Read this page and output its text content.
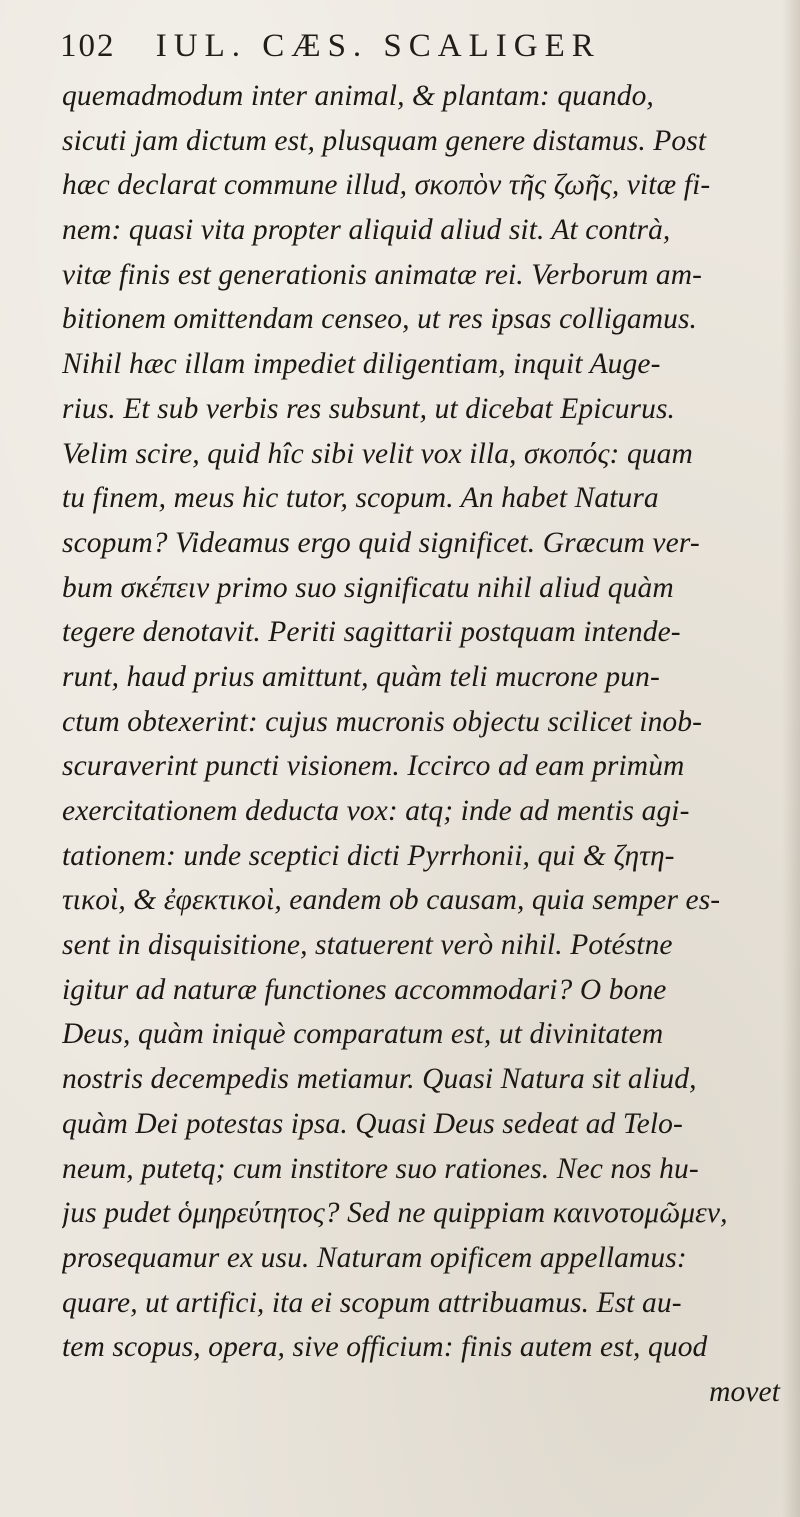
102 IUL. CÆS. SCALIGER
quemadmodum inter animal, & plantam: quando,
sicuti jam dictum est, plusquam genere distamus. Post
hæc declarat commune illud, σκοπὸν τῆς ζωῆς, vitæ fi-
nem: quasi vita propter aliquid aliud sit. At contrà,
vitæ finis est generationis animatæ rei. Verborum am-
bitionem omittendam censeo, ut res ipsas colligamus.
Nihil hæc illam impediet diligentiam, inquit Auge-
rius. Et sub verbis res subsunt, ut dicebat Epicurus.
Velim scire, quid hîc sibi velit vox illa, σκοπός: quam
tu finem, meus hic tutor, scopum. An habet Natura
scopum? Videamus ergo quid significet. Græcum ver-
bum σκέπειν primo suo significatu nihil aliud quàm
tegere denotavit. Periti sagittarii postquam intende-
runt, haud prius amittunt, quàm teli mucrone pun-
ctum obtexerint: cujus mucronis objectu scilicet inob-
scuraverint puncti visionem. Iccirco ad eam primùm
exercitationem deducta vox: atq; inde ad mentis agi-
tationem: unde sceptici dicti Pyrrhonii, qui & ζητη-
τικοὶ, & ἐφεκτικοὶ, eandem ob causam, quia semper es-
sent in disquisitione, statuerent verò nihil. Potéstne
igitur ad naturæ functiones accommodari? O bone
Deus, quàm iniquè comparatum est, ut divinitatem
nostris decempedis metiamur. Quasi Natura sit aliud,
quàm Dei potestas ipsa. Quasi Deus sedeat ad Telo-
neum, putetq; cum institore suo rationes. Nec nos hu-
jus pudet ὁμηρεύτητος? Sed ne quippiam καινοτομῶμεν,
prosequamur ex usu. Naturam opificem appellamus:
quare, ut artifici, ita ei scopum attribuamus. Est au-
tem scopus, opera, sive officium: finis autem est, quod
movet
